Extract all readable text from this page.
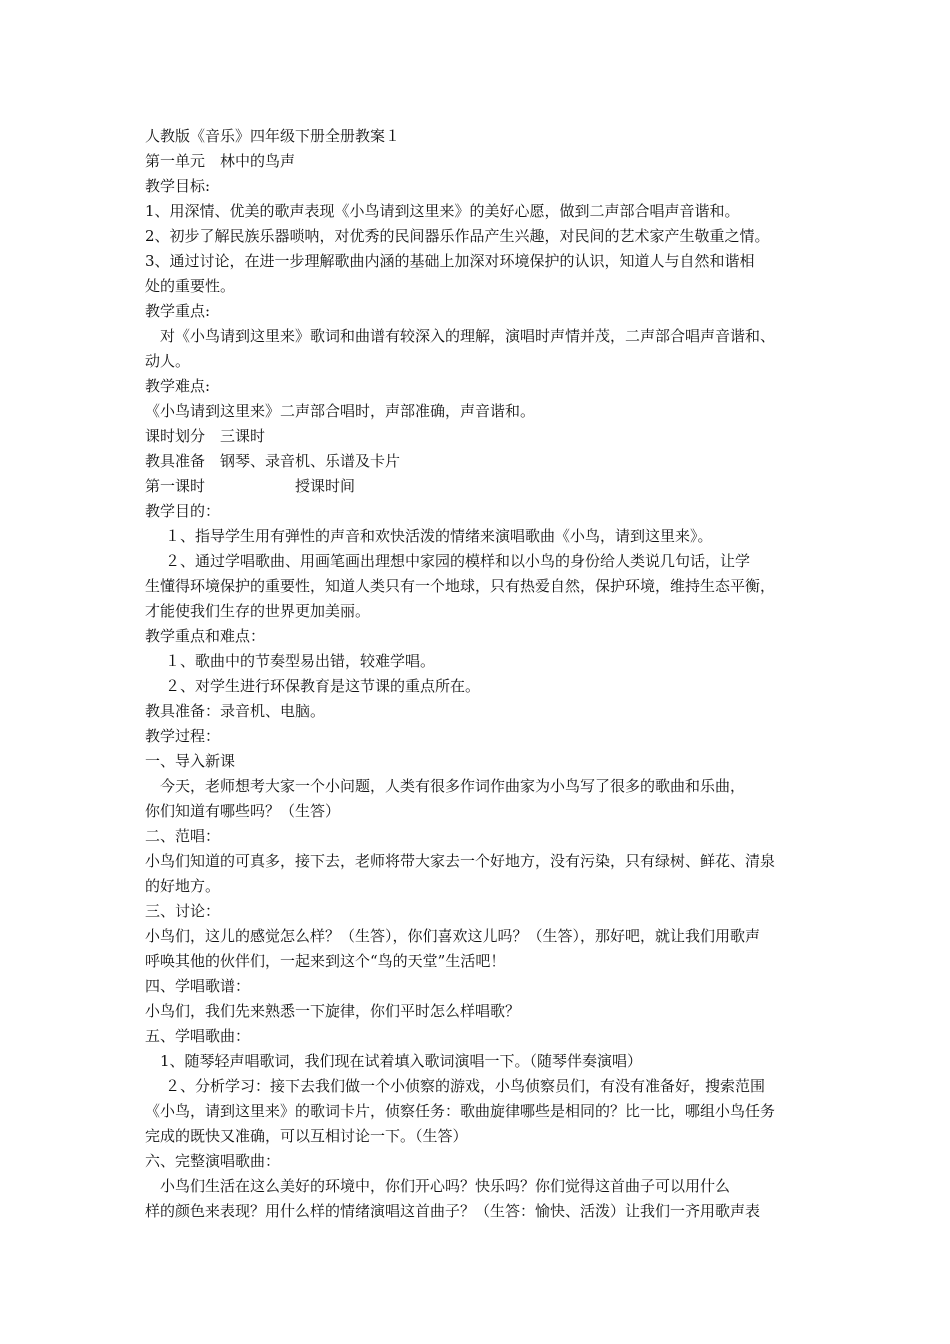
人教版《音乐》四年级下册全册教案１
第一单元　林中的鸟声
教学目标:
1、用深情、优美的歌声表现《小鸟请到这里来》的美好心愿，做到二声部合唱声音谐和。
2、初步了解民族乐器唢呐，对优秀的民间器乐作品产生兴趣，对民间的艺术家产生敬重之情。
3、通过讨论，在进一步理解歌曲内涵的基础上加深对环境保护的认识，知道人与自然和谐相
处的重要性。
教学重点:
对《小鸟请到这里来》歌词和曲谱有较深入的理解，演唱时声情并茂，二声部合唱声音谐和、
动人。
教学难点:
《小鸟请到这里来》二声部合唱时，声部准确，声音谐和。
课时划分　三课时
教具准备　钢琴、录音机、乐谱及卡片
第一课时　　　　　　授课时间
教学目的：
１、指导学生用有弹性的声音和欢快活泼的情绪来演唱歌曲《小鸟，请到这里来》。
２、通过学唱歌曲、用画笔画出理想中家园的模样和以小鸟的身份给人类说几句话，让学
生懂得环境保护的重要性，知道人类只有一个地球，只有热爱自然，保护环境，维持生态平衡，
才能使我们生存的世界更加美丽。
教学重点和难点：
１、歌曲中的节奏型易出错，较难学唱。
２、对学生进行环保教育是这节课的重点所在。
教具准备：录音机、电脑。
教学过程：
一、导入新课
今天，老师想考大家一个小问题，人类有很多作词作曲家为小鸟写了很多的歌曲和乐曲，
你们知道有哪些吗？（生答）
二、范唱：
小鸟们知道的可真多，接下去，老师将带大家去一个好地方，没有污染，只有绿树、鲜花、清泉
的好地方。
三、讨论：
小鸟们，这儿的感觉怎么样？（生答），你们喜欢这儿吗？（生答），那好吧，就让我们用歌声
呼唤其他的伙伴们，一起来到这个“鸟的天堂”生活吧！
四、学唱歌谱：
小鸟们，我们先来熟悉一下旋律，你们平时怎么样唱歌？
五、学唱歌曲：
1、随琴轻声唱歌词，我们现在试着填入歌词演唱一下。（随琴伴奏演唱）
２、分析学习：接下去我们做一个小侦察的游戏，小鸟侦察员们，有没有准备好，搜索范围
《小鸟，请到这里来》的歌词卡片，侦察任务：歌曲旋律哪些是相同的？比一比，哪组小鸟任务
完成的既快又准确，可以互相讨论一下。（生答）
六、完整演唱歌曲：
小鸟们生活在这么美好的环境中，你们开心吗？快乐吗？你们觉得这首曲子可以用什么
样的颜色来表现？用什么样的情绪演唱这首曲子？（生答：愉快、活泼）让我们一齐用歌声表
